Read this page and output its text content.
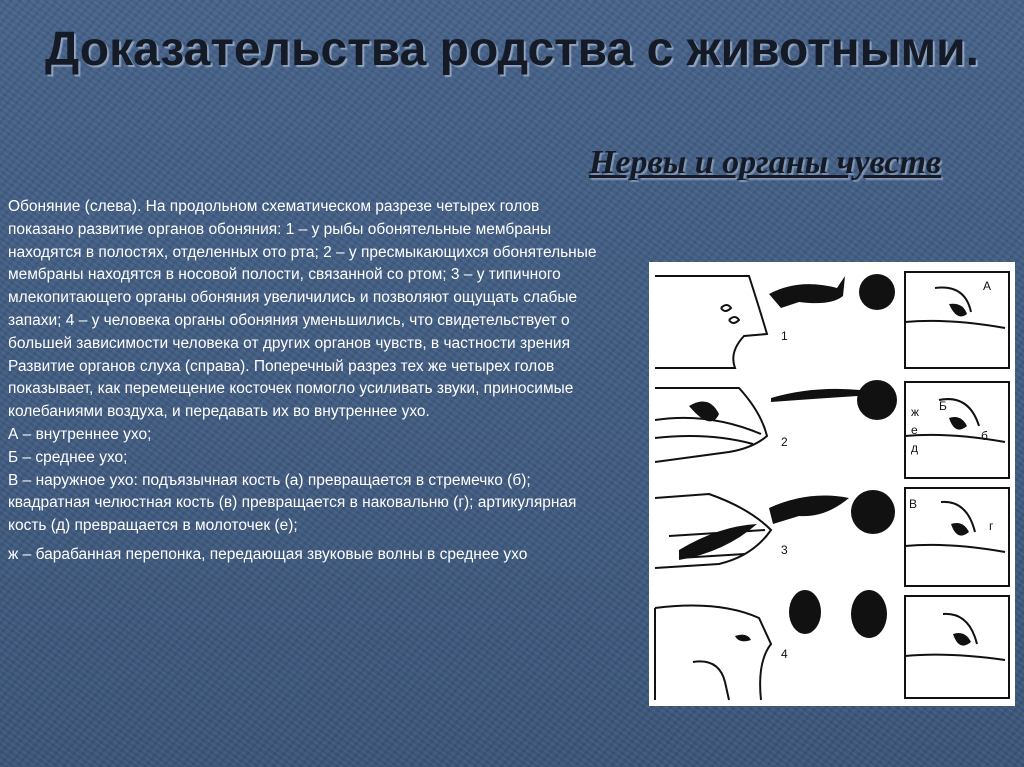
Доказательства родства с животными.
Нервы и органы чувств

Обоняние (слева). На продольном схематическом разрезе четырех голов показано развитие органов обоняния: 1 – у рыбы обонятельные мембраны находятся в полостях, отделенных ото рта; 2 – у пресмыкающихся обонятельные мембраны находятся в носовой полости, связанной со ртом; 3 – у типичного млекопитающего органы обоняния увеличились и позволяют ощущать слабые запахи; 4 – у человека органы обоняния уменьшились, что свидетельствует о большей зависимости человека от других органов чувств, в частности зрения

Развитие органов слуха (справа). Поперечный разрез тех же четырех голов показывает, как перемещение косточек помогло усиливать звуки, приносимые колебаниями воздуха, и передавать их во внутреннее ухо.

А – внутреннее ухо;

Б – среднее ухо;

В – наружное ухо: подъязычная кость (а) превращается в стремечко (б); квадратная челюстная кость (в) превращается в наковальню (г); артикулярная кость (д) превращается в молоточек (е);

ж – барабанная перепонка, передающая звуковые волны в среднее ухо

1
2
3
4
А
Б
В
ж
е
д
б
г
